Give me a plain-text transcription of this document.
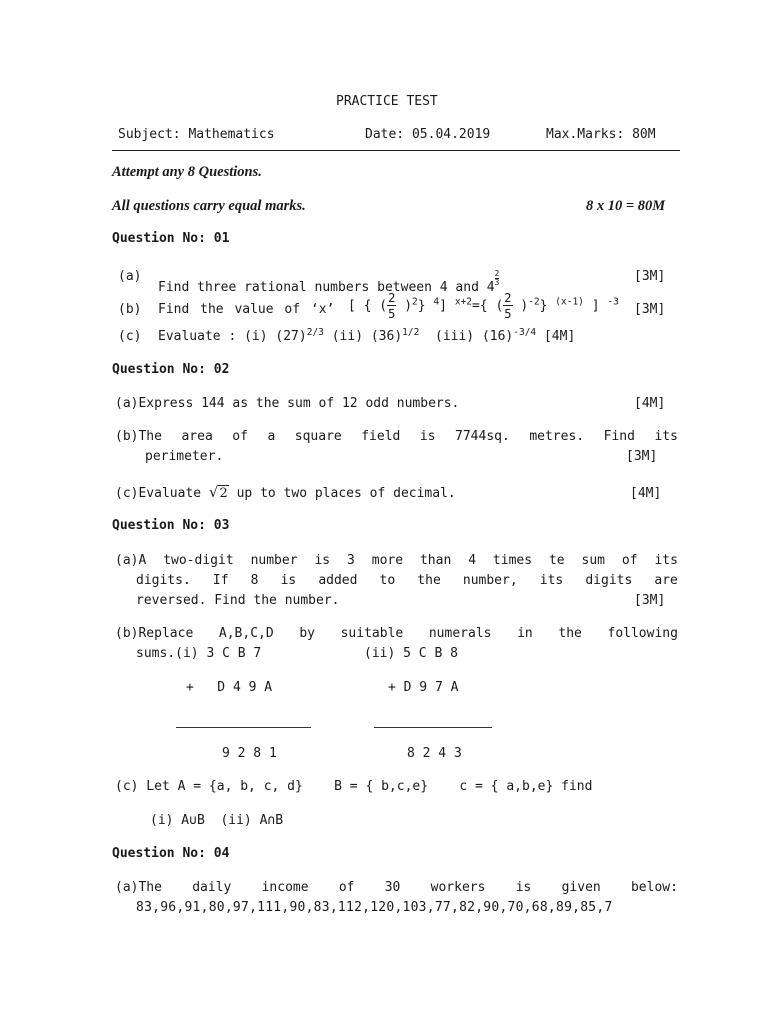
PRACTICE TEST
Subject: Mathematics	Date: 05.04.2019	Max.Marks: 80M
Attempt any 8 Questions.
All questions carry equal marks.	8 x 10 = 80M
Question No: 01
(a)
Find three rational numbers between 4 and 4
$\frac{2}{3}$	[3M]
(b) Find the value of ‘x’ [ { ( $\frac{2}{5} )^2$} $^4$] $^{x+2}$={ ( $\frac{2}{5} )^{-2}$} $^{(x-1)}$ ] $^{-3}$ [3M]
(c) Evaluate : (i) $(27)^{2/3}$ (ii) $(36)^{1/2}$  (iii) $(16)^{-3/4}$ [4M]
Question No: 02
(a)Express 144 as the sum of 12 odd numbers.	[4M]
(b)The area of a square field is 7744sq. metres. Find its
perimeter.	[3M]
(c)Evaluate √2 up to two places of decimal.	[4M]
Question No: 03
(a)A two-digit number is 3 more than 4 times te sum of its
digits. If 8 is added to the number, its digits are
reversed. Find the number.	[3M]
(b)Replace A,B,C,D by suitable numerals in the following
sums.(i) 3 C B 7	(ii) 5 C B 8
+   D 4 9 A	+ D 9 7 A
9 2 8 1	8 2 4 3
(c) Let A = {a, b, c, d}    B = { b,c,e}    c = { a,b,e} find
(i) A∪B  (ii) A∩B
Question No: 04
(a)The daily income of 30 workers is given below:
83,96,91,80,97,111,90,83,112,120,103,77,82,90,70,68,89,85,7
